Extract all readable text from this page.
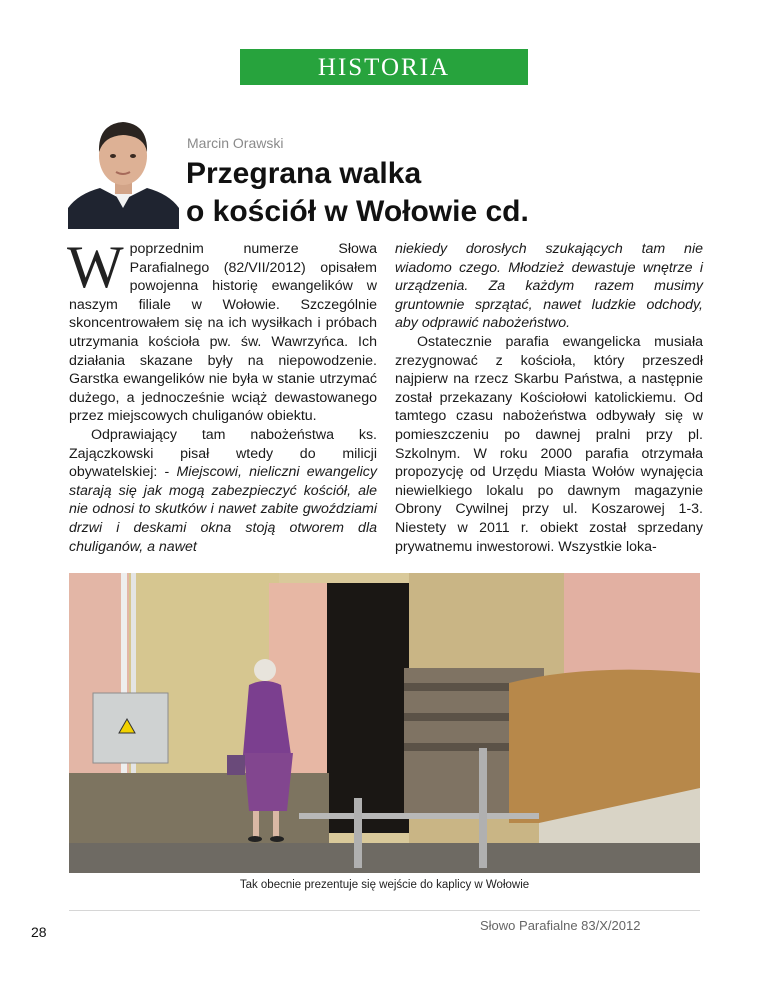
HISTORIA
Marcin Orawski
Przegrana walka
o kościół w Wołowie cd.

Wpoprzednim numerze Słowa Parafialnego (82/VII/2012) opisałem powojenna historię ewangelików w naszym filiale w Wołowie. Szczególnie skoncentrowałem się na ich wysiłkach i próbach utrzymania kościoła pw. św. Wawrzyńca. Ich działania skazane były na niepowodzenie. Garstka ewangelików nie była w stanie utrzymać dużego, a jednocześnie wciąż dewastowanego przez miejscowych chuliganów obiektu.

Odprawiający tam nabożeństwa ks. Zajączkowski pisał wtedy do milicji obywatelskiej: - Miejscowi, nieliczni ewangelicy starają się jak mogą zabezpieczyć kościół, ale nie odnosi to skutków i nawet zabite gwoździami drzwi i deskami okna stoją otworem dla chuliganów, a nawet

niekiedy dorosłych szukających tam nie wiadomo czego. Młodzież dewastuje wnętrze i urządzenia. Za każdym razem musimy gruntownie sprzątać, nawet ludzkie odchody, aby odprawić nabożeństwo.

Ostatecznie parafia ewangelicka musiała zrezygnować z kościoła, który przeszedł najpierw na rzecz Skarbu Państwa, a następnie został przekazany Kościołowi katolickiemu. Od tamtego czasu nabożeństwa odbywały się w pomieszczeniu po dawnej pralni przy pl. Szkolnym. W roku 2000 parafia otrzymała propozycję od Urzędu Miasta Wołów wynajęcia niewielkiego lokalu po dawnym magazynie Obrony Cywilnej przy ul. Koszarowej 1-3. Niestety w 2011 r. obiekt został sprzedany prywatnemu inwestorowi. Wszystkie loka-

Tak obecnie prezentuje się wejście do kaplicy w Wołowie
28	Słowo Parafialne 83/X/2012
